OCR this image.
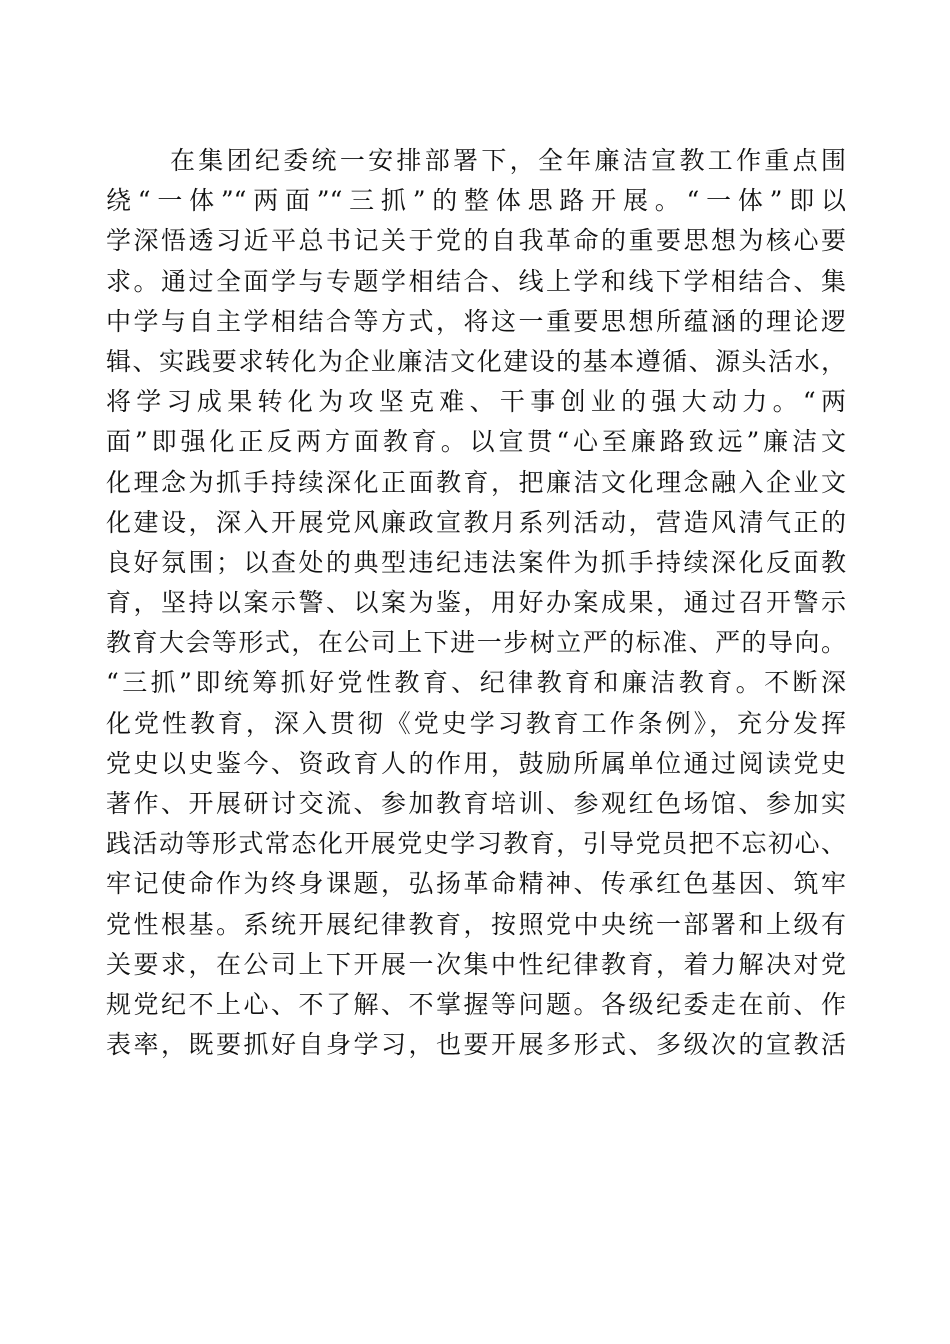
在集团纪委统一安排部署下，全年廉洁宣教工作重点围
绕“一体”“两面”“三抓”的整体思路开展。“一体”即以
学深悟透习近平总书记关于党的自我革命的重要思想为核心要
求。通过全面学与专题学相结合、线上学和线下学相结合、集
中学与自主学相结合等方式，将这一重要思想所蕴涵的理论逻
辑、实践要求转化为企业廉洁文化建设的基本遵循、源头活水，
将学习成果转化为攻坚克难、干事创业的强大动力。“两
面”即强化正反两方面教育。以宣贯“心至廉路致远”廉洁文
化理念为抓手持续深化正面教育，把廉洁文化理念融入企业文
化建设，深入开展党风廉政宣教月系列活动，营造风清气正的
良好氛围；以查处的典型违纪违法案件为抓手持续深化反面教
育，坚持以案示警、以案为鉴，用好办案成果，通过召开警示
教育大会等形式，在公司上下进一步树立严的标准、严的导向。
“三抓”即统筹抓好党性教育、纪律教育和廉洁教育。不断深
化党性教育，深入贯彻《党史学习教育工作条例》，充分发挥
党史以史鉴今、资政育人的作用，鼓励所属单位通过阅读党史
著作、开展研讨交流、参加教育培训、参观红色场馆、参加实
践活动等形式常态化开展党史学习教育，引导党员把不忘初心、
牢记使命作为终身课题，弘扬革命精神、传承红色基因、筑牢
党性根基。系统开展纪律教育，按照党中央统一部署和上级有
关要求，在公司上下开展一次集中性纪律教育，着力解决对党
规党纪不上心、不了解、不掌握等问题。各级纪委走在前、作
表率，既要抓好自身学习，也要开展多形式、多级次的宣教活
